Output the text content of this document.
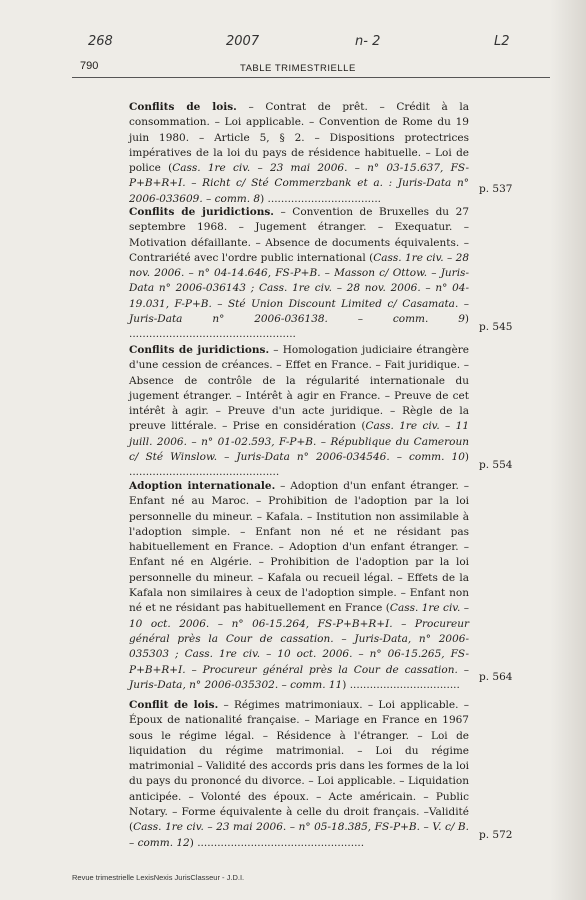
268	2007	n- 2	L2
790	TABLE TRIMESTRIELLE
Conflits de lois. – Contrat de prêt. – Crédit à la consommation. – Loi applicable. – Convention de Rome du 19 juin 1980. – Article 5, § 2. – Dispositions protectrices impératives de la loi du pays de résidence habituelle. – Loi de police (Cass. 1re civ. – 23 mai 2006. – n° 03-15.637, FS-P+B+R+I. – Richt c/ Sté Commerzbank et a. : Juris-Data n° 2006-033609. – comm. 8) ..................................
p. 537
Conflits de juridictions. – Convention de Bruxelles du 27 septembre 1968. – Jugement étranger. – Exequatur. – Motivation défaillante. – Absence de documents équivalents. – Contrariété avec l'ordre public international (Cass. 1re civ. – 28 nov. 2006. – n° 04-14.646, FS-P+B. – Masson c/ Ottow. – Juris-Data n° 2006-036143 ; Cass. 1re civ. – 28 nov. 2006. – n° 04-19.031, F-P+B. – Sté Union Discount Limited c/ Casamata. – Juris-Data n° 2006-036138. – comm. 9) ..................................................
p. 545
Conflits de juridictions. – Homologation judiciaire étrangère d'une cession de créances. – Effet en France. – Fait juridique. – Absence de contrôle de la régularité internationale du jugement étranger. – Intérêt à agir en France. – Preuve de cet intérêt à agir. – Preuve d'un acte juridique. – Règle de la preuve littérale. – Prise en considération (Cass. 1re civ. – 11 juill. 2006. – n° 01-02.593, F-P+B. – République du Cameroun c/ Sté Winslow. – Juris-Data n° 2006-034546. – comm. 10) .............................................
p. 554
Adoption internationale. – Adoption d'un enfant étranger. – Enfant né au Maroc. – Prohibition de l'adoption par la loi personnelle du mineur. – Kafala. – Institution non assimilable à l'adoption simple. – Enfant non né et ne résidant pas habituellement en France. – Adoption d'un enfant étranger. – Enfant né en Algérie. – Prohibition de l'adoption par la loi personnelle du mineur. – Kafala ou recueil légal. – Effets de la Kafala non similaires à ceux de l'adoption simple. – Enfant non né et ne résidant pas habituellement en France (Cass. 1re civ. – 10 oct. 2006. – n° 06-15.264, FS-P+B+R+I. – Procureur général près la Cour de cassation. – Juris-Data, n° 2006-035303 ; Cass. 1re civ. – 10 oct. 2006. – n° 06-15.265, FS-P+B+R+I. – Procureur général près la Cour de cassation. – Juris-Data, n° 2006-035302. – comm. 11) .................................
p. 564
Conflit de lois. – Régimes matrimoniaux. – Loi applicable. – Époux de nationalité française. – Mariage en France en 1967 sous le régime légal. – Résidence à l'étranger. – Loi de liquidation du régime matrimonial. – Loi du régime matrimonial – Validité des accords pris dans les formes de la loi du pays du prononcé du divorce. – Loi applicable. – Liquidation anticipée. – Volonté des époux. – Acte américain. – Public Notary. – Forme équivalente à celle du droit français. –Validité (Cass. 1re civ. – 23 mai 2006. – n° 05-18.385, FS-P+B. – V. c/ B. – comm. 12) ..................................................
p. 572
Revue trimestrielle LexisNexis JurisClasseur - J.D.I.
